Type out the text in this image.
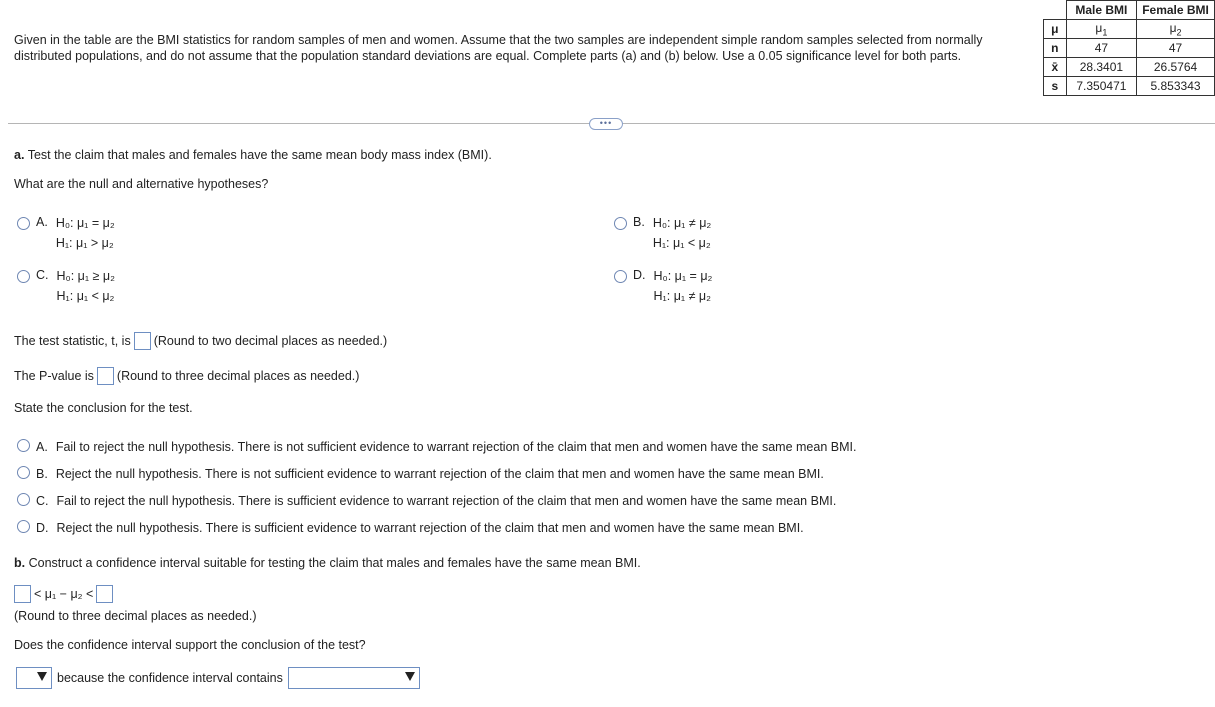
Given in the table are the BMI statistics for random samples of men and women. Assume that the two samples are independent simple random samples selected from normally distributed populations, and do not assume that the population standard deviations are equal. Complete parts (a) and (b) below. Use a 0.05 significance level for both parts.
	Male BMI	Female BMI
μ	$\mu_1$	$\mu_2$
n	47	47
x̄	28.3401	26.5764
s	7.350471	5.853343
•••
a. Test the claim that males and females have the same mean body mass index (BMI).
What are the null and alternative hypotheses?
A. H₀: μ₁ = μ₂
H₁: μ₁ > μ₂
B. H₀: μ₁ ≠ μ₂
H₁: μ₁ < μ₂
C. H₀: μ₁ ≥ μ₂
H₁: μ₁ < μ₂
D. H₀: μ₁ = μ₂
H₁: μ₁ ≠ μ₂
The test statistic, t, is (Round to two decimal places as needed.)
The P-value is (Round to three decimal places as needed.)
State the conclusion for the test.
A. Fail to reject the null hypothesis. There is not sufficient evidence to warrant rejection of the claim that men and women have the same mean BMI.
B. Reject the null hypothesis. There is not sufficient evidence to warrant rejection of the claim that men and women have the same mean BMI.
C. Fail to reject the null hypothesis. There is sufficient evidence to warrant rejection of the claim that men and women have the same mean BMI.
D. Reject the null hypothesis. There is sufficient evidence to warrant rejection of the claim that men and women have the same mean BMI.
b. Construct a confidence interval suitable for testing the claim that males and females have the same mean BMI.
< μ₁ − μ₂ <
(Round to three decimal places as needed.)
Does the confidence interval support the conclusion of the test?
because the confidence interval contains
